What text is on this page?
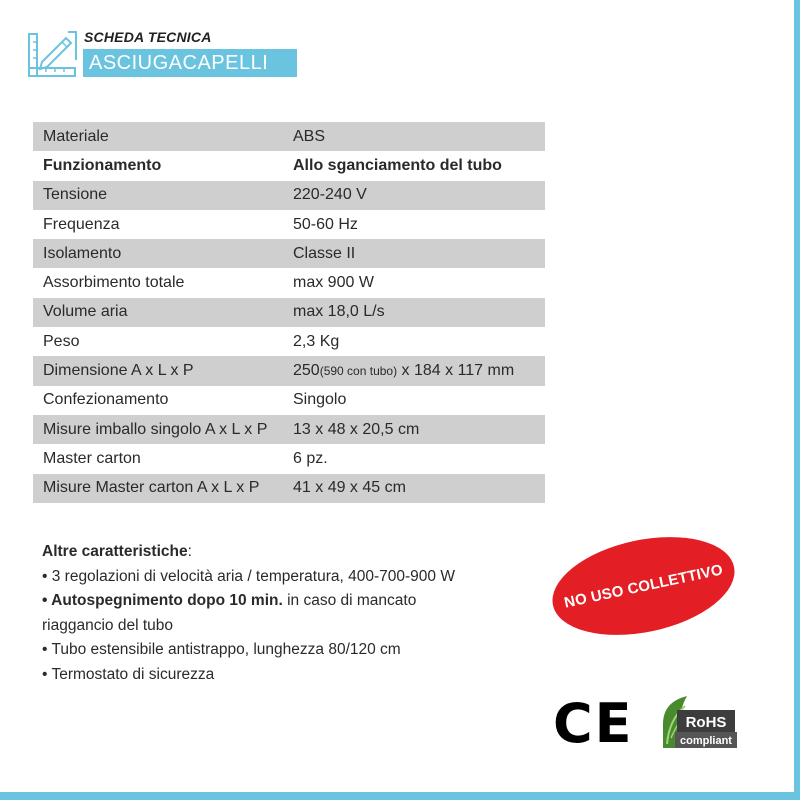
SCHEDA TECNICA
ASCIUGACAPELLI
Materiale	ABS
Funzionamento	Allo sganciamento del tubo
Tensione	220-240 V
Frequenza	50-60 Hz
Isolamento	Classe II
Assorbimento totale	max 900 W
Volume aria	max 18,0 L/s
Peso	2,3 Kg
Dimensione A x L x P	250(590 con tubo) x 184 x 117 mm
Confezionamento	Singolo
Misure imballo singolo A x L x P	13 x 48 x 20,5 cm
Master carton	6 pz.
Misure Master carton A x L x P	41 x 49 x 45 cm
Altre caratteristiche:
• 3 regolazioni di velocità aria / temperatura, 400-700-900 W
• Autospegnimento dopo 10 min. in caso di mancato
riaggancio del tubo
• Tubo estensibile antistrappo, lunghezza 80/120 cm
• Termostato di sicurezza
NO USO COLLETTIVO
CE	RoHS
compliant
